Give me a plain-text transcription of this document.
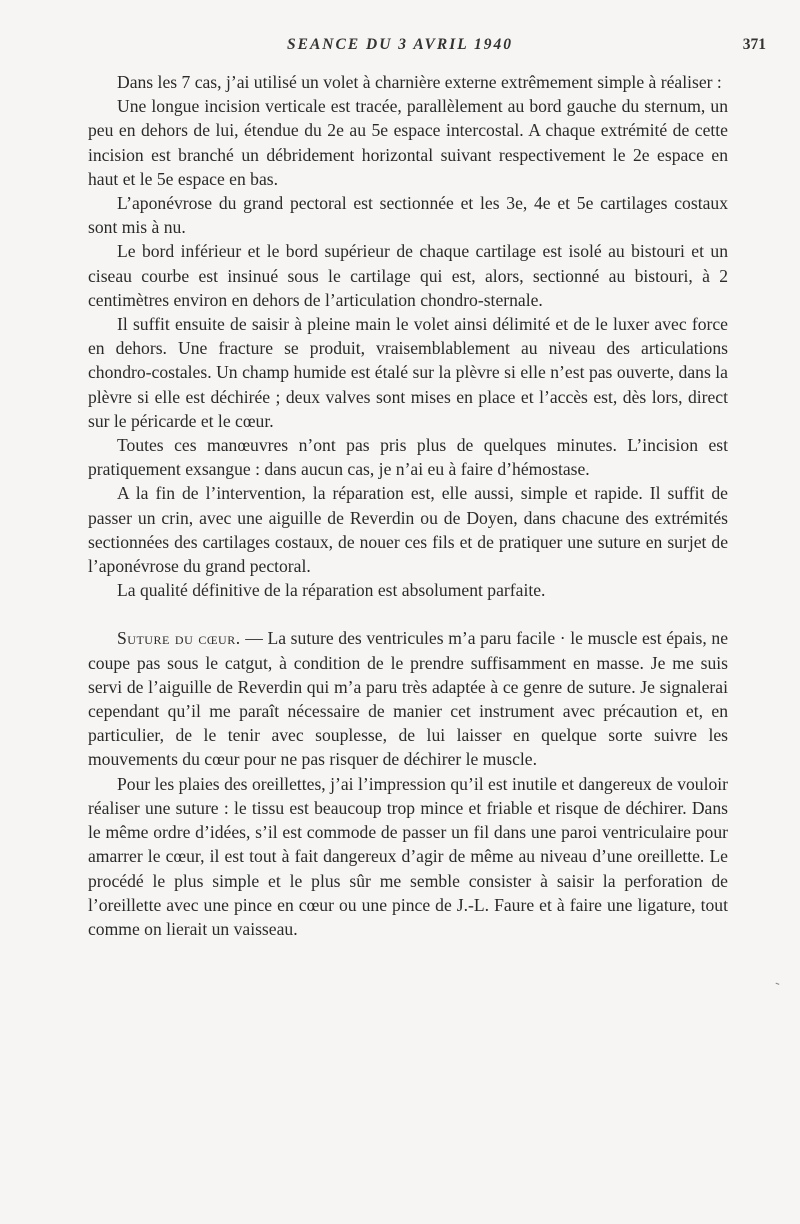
SEANCE DU 3 AVRIL 1940	371

Dans les 7 cas, j’ai utilisé un volet à charnière externe extrêmement simple à réaliser :

Une longue incision verticale est tracée, parallèlement au bord gauche du sternum, un peu en dehors de lui, étendue du 2e au 5e espace intercostal. A chaque extrémité de cette incision est branché un débridement horizontal suivant respectivement le 2e espace en haut et le 5e espace en bas.

L’aponévrose du grand pectoral est sectionnée et les 3e, 4e et 5e cartilages costaux sont mis à nu.

Le bord inférieur et le bord supérieur de chaque cartilage est isolé au bistouri et un ciseau courbe est insinué sous le cartilage qui est, alors, sectionné au bistouri, à 2 centimètres environ en dehors de l’articulation chondro-sternale.

Il suffit ensuite de saisir à pleine main le volet ainsi délimité et de le luxer avec force en dehors. Une fracture se produit, vraisemblablement au niveau des articulations chondro-costales. Un champ humide est étalé sur la plèvre si elle n’est pas ouverte, dans la plèvre si elle est déchirée ; deux valves sont mises en place et l’accès est, dès lors, direct sur le péricarde et le cœur.

Toutes ces manœuvres n’ont pas pris plus de quelques minutes. L’incision est pratiquement exsangue : dans aucun cas, je n’ai eu à faire d’hémostase.

A la fin de l’intervention, la réparation est, elle aussi, simple et rapide. Il suffit de passer un crin, avec une aiguille de Reverdin ou de Doyen, dans chacune des extrémités sectionnées des cartilages costaux, de nouer ces fils et de pratiquer une suture en surjet de l’aponévrose du grand pectoral.

La qualité définitive de la réparation est absolument parfaite.

Suture du cœur. — La suture des ventricules m’a paru facile · le muscle est épais, ne coupe pas sous le catgut, à condition de le prendre suffisamment en masse. Je me suis servi de l’aiguille de Reverdin qui m’a paru très adaptée à ce genre de suture. Je signalerai cependant qu’il me paraît nécessaire de manier cet instrument avec précaution et, en particulier, de le tenir avec souplesse, de lui laisser en quelque sorte suivre les mouvements du cœur pour ne pas risquer de déchirer le muscle.

Pour les plaies des oreillettes, j’ai l’impression qu’il est inutile et dangereux de vouloir réaliser une suture : le tissu est beaucoup trop mince et friable et risque de déchirer. Dans le même ordre d’idées, s’il est commode de passer un fil dans une paroi ventriculaire pour amarrer le cœur, il est tout à fait dangereux d’agir de même au niveau d’une oreillette. Le procédé le plus simple et le plus sûr me semble consister à saisir la perforation de l’oreillette avec une pince en cœur ou une pince de J.-L. Faure et à faire une ligature, tout comme on lierait un vaisseau.

-
